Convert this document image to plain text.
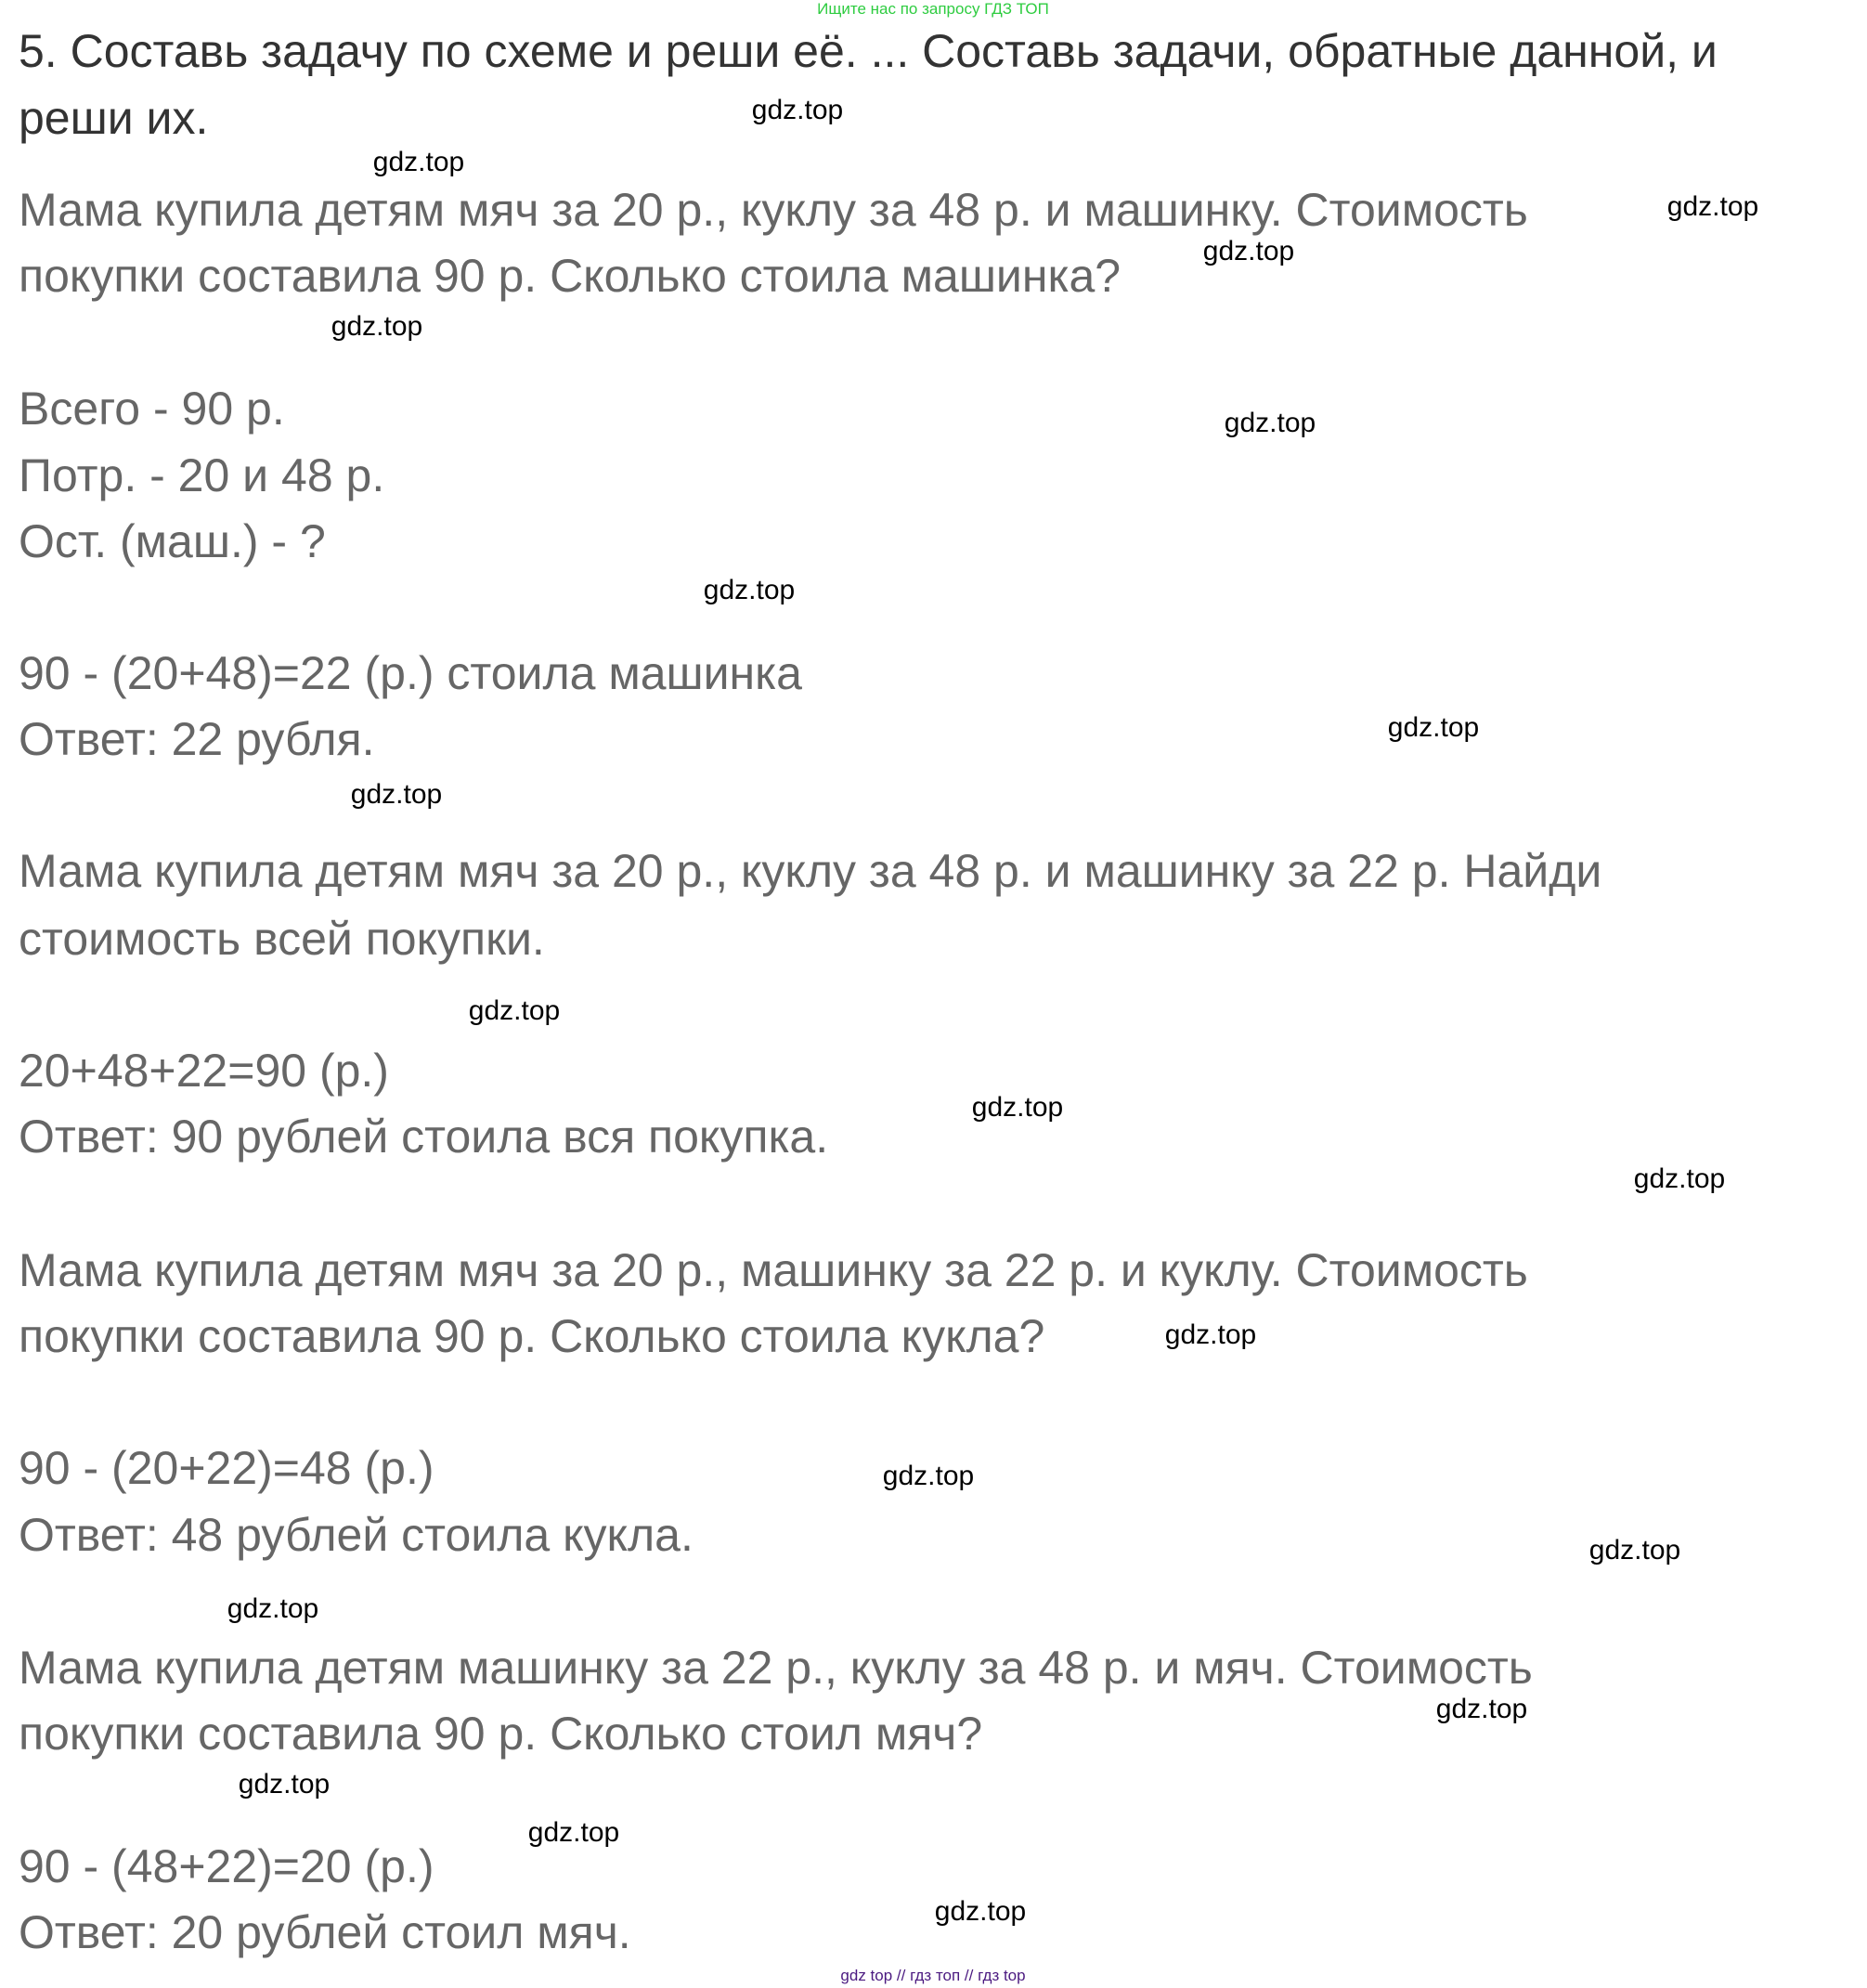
Ищите нас по запросу ГДЗ ТОП
5. Составь задачу по схеме и реши её. ... Составь задачи, обратные данной, и
реши их.
Мама купила детям мяч за 20 р., куклу за 48 р. и машинку. Стоимость
покупки составила 90 р. Сколько стоила машинка?
Всего - 90 р.
Потр. - 20 и 48 р.
Ост. (маш.) - ?
90 - (20+48)=22 (р.) стоила машинка
Ответ: 22 рубля.
Мама купила детям мяч за 20 р., куклу за 48 р. и машинку за 22 р. Найди
стоимость всей покупки.
20+48+22=90 (р.)
Ответ: 90 рублей стоила вся покупка.
Мама купила детям мяч за 20 р., машинку за 22 р. и куклу. Стоимость
покупки составила 90 р. Сколько стоила кукла?
90 - (20+22)=48 (р.)
Ответ: 48 рублей стоила кукла.
Мама купила детям машинку за 22 р., куклу за 48 р. и мяч. Стоимость
покупки составила 90 р. Сколько стоил мяч?
90 - (48+22)=20 (р.)
Ответ: 20 рублей стоил мяч.
gdz.top
gdz.top
gdz.top
gdz.top
gdz.top
gdz.top
gdz.top
gdz.top
gdz.top
gdz.top
gdz.top
gdz.top
gdz.top
gdz.top
gdz.top
gdz.top
gdz.top
gdz.top
gdz.top
gdz.top
gdz top // гдз топ // гдз top
